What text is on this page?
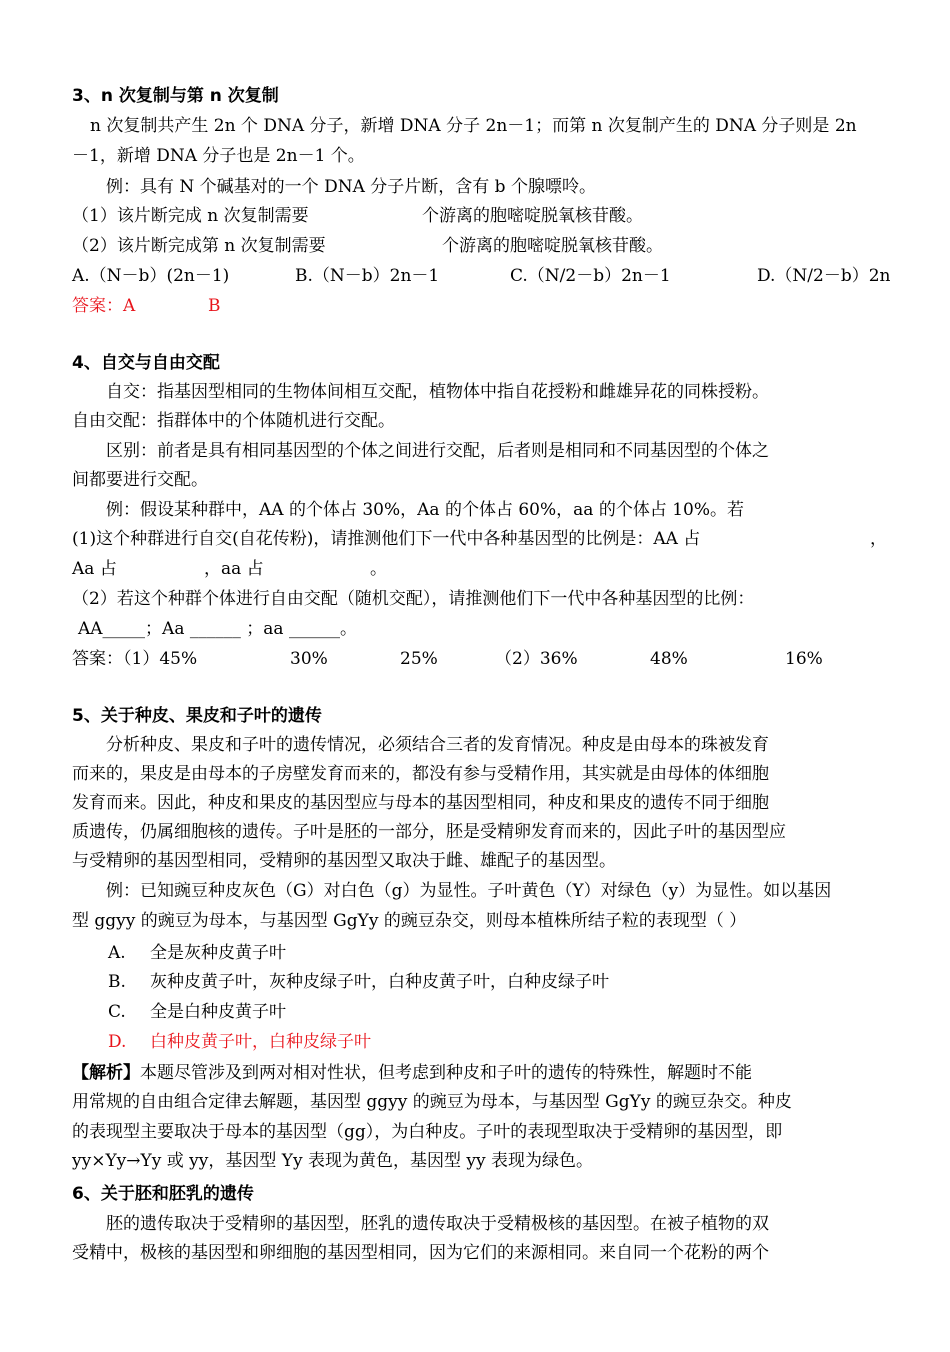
3、n 次复制与第 n 次复制
n 次复制共产生 2n 个 DNA 分子，新增 DNA 分子 2n－1；而第 n 次复制产生的 DNA 分子则是 2n
－1，新增 DNA 分子也是 2n－1 个。
例：具有 N 个碱基对的一个 DNA 分子片断，含有 b 个腺嘌呤。
（1）该片断完成 n 次复制需要	个游离的胞嘧啶脱氧核苷酸。
（2）该片断完成第 n 次复制需要	个游离的胞嘧啶脱氧核苷酸。
A.（N－b）(2n－1)	B.（N－b）2n－1	C.（N/2－b）2n－1	D.（N/2－b）2n
答案：A	B
4、自交与自由交配
自交：指基因型相同的生物体间相互交配，植物体中指自花授粉和雌雄异花的同株授粉。
自由交配：指群体中的个体随机进行交配。
区别：前者是具有相同基因型的个体之间进行交配，后者则是相同和不同基因型的个体之
间都要进行交配。
例：假设某种群中，AA 的个体占 30%，Aa 的个体占 60%，aa 的个体占 10%。若
(1)这个种群进行自交(自花传粉)，请推测他们下一代中各种基因型的比例是：AA 占	，
Aa 占	，aa 占	。
（2）若这个种群个体进行自由交配（随机交配），请推测他们下一代中各种基因型的比例：
AA_____；Aa ______ ；aa ______。
答案：（1）45%	30%	25%	（2）36%	48%	16%
5、关于种皮、果皮和子叶的遗传
分析种皮、果皮和子叶的遗传情况，必须结合三者的发育情况。种皮是由母本的珠被发育
而来的，果皮是由母本的子房壁发育而来的，都没有参与受精作用，其实就是由母体的体细胞
发育而来。因此，种皮和果皮的基因型应与母本的基因型相同，种皮和果皮的遗传不同于细胞
质遗传，仍属细胞核的遗传。子叶是胚的一部分，胚是受精卵发育而来的，因此子叶的基因型应
与受精卵的基因型相同，受精卵的基因型又取决于雌、雄配子的基因型。
例：已知豌豆种皮灰色（G）对白色（g）为显性。子叶黄色（Y）对绿色（y）为显性。如以基因
型 ggyy 的豌豆为母本，与基因型 GgYy 的豌豆杂交，则母本植株所结子粒的表现型（ ）
A. 全是灰种皮黄子叶
B. 灰种皮黄子叶，灰种皮绿子叶，白种皮黄子叶，白种皮绿子叶
C. 全是白种皮黄子叶
D. 白种皮黄子叶，白种皮绿子叶
【解析】本题尽管涉及到两对相对性状，但考虑到种皮和子叶的遗传的特殊性，解题时不能
用常规的自由组合定律去解题，基因型 ggyy 的豌豆为母本，与基因型 GgYy 的豌豆杂交。种皮
的表现型主要取决于母本的基因型（gg），为白种皮。子叶的表现型取决于受精卵的基因型，即
yy×Yy→Yy 或 yy，基因型 Yy 表现为黄色，基因型 yy 表现为绿色。
6、关于胚和胚乳的遗传
胚的遗传取决于受精卵的基因型，胚乳的遗传取决于受精极核的基因型。在被子植物的双
受精中，极核的基因型和卵细胞的基因型相同，因为它们的来源相同。来自同一个花粉的两个
